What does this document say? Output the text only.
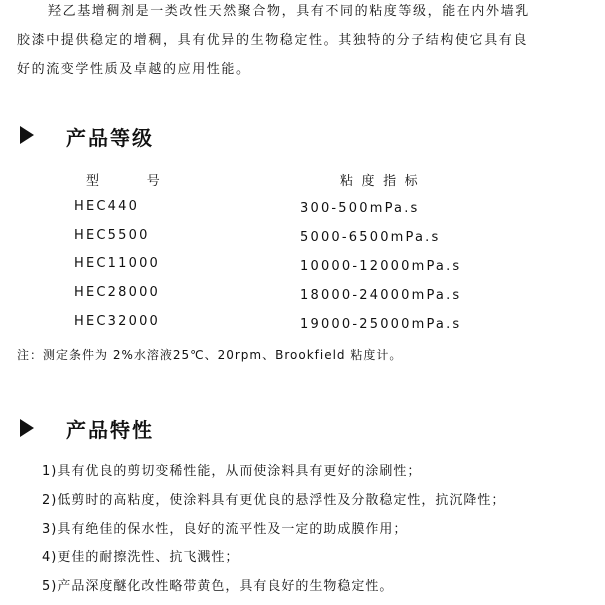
羟乙基增稠剂是一类改性天然聚合物，具有不同的粘度等级，能在内外墙乳
胶漆中提供稳定的增稠，具有优异的生物稳定性。其独特的分子结构使它具有良
好的流变学性质及卓越的应用性能。
产品等级
型　　　号	粘 度 指 标
HEC440	300-500mPa.s
HEC5500	5000-6500mPa.s
HEC11000	10000-12000mPa.s
HEC28000	18000-24000mPa.s
HEC32000	19000-25000mPa.s
注：测定条件为 2%水溶液25℃、20rpm、Brookfield 粘度计。
产品特性
1)具有优良的剪切变稀性能，从而使涂料具有更好的涂刷性；
2)低剪时的高粘度，使涂料具有更优良的悬浮性及分散稳定性，抗沉降性；
3)具有绝佳的保水性，良好的流平性及一定的助成膜作用；
4)更佳的耐擦洗性、抗飞溅性；
5)产品深度醚化改性略带黄色，具有良好的生物稳定性。
